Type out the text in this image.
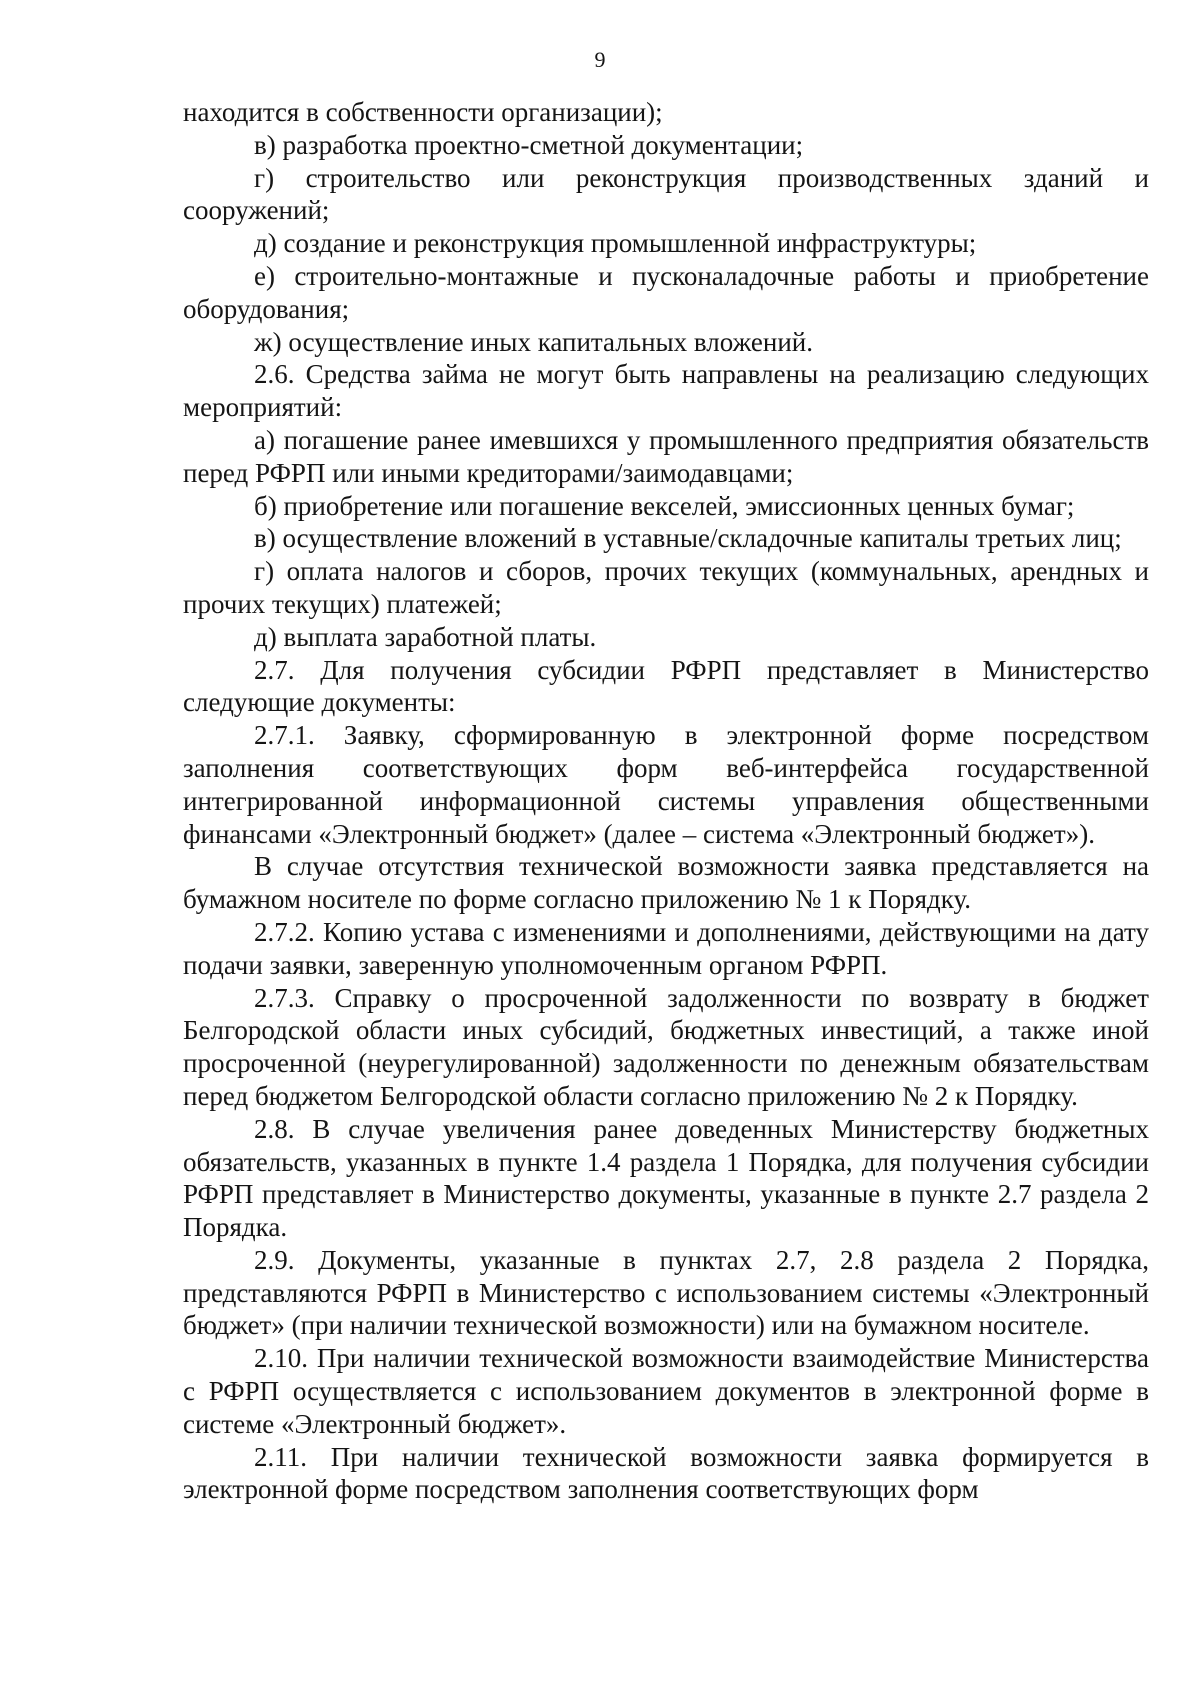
9

находится в собственности организации);

в) разработка проектно-сметной документации;

г) строительство или реконструкция производственных зданий и сооружений;

д) создание и реконструкция промышленной инфраструктуры;

е) строительно-монтажные и пусконаладочные работы и приобретение оборудования;

ж) осуществление иных капитальных вложений.

2.6. Средства займа не могут быть направлены на реализацию следующих мероприятий:

а) погашение ранее имевшихся у промышленного предприятия обязательств перед РФРП или иными кредиторами/заимодавцами;

б) приобретение или погашение векселей, эмиссионных ценных бумаг;

в) осуществление вложений в уставные/складочные капиталы третьих лиц;

г) оплата налогов и сборов, прочих текущих (коммунальных, арендных и прочих текущих) платежей;

д) выплата заработной платы.

2.7. Для получения субсидии РФРП представляет в Министерство следующие документы:

2.7.1. Заявку, сформированную в электронной форме посредством заполнения соответствующих форм веб-интерфейса государственной интегрированной информационной системы управления общественными финансами «Электронный бюджет» (далее – система «Электронный бюджет»).

В случае отсутствия технической возможности заявка представляется на бумажном носителе по форме согласно приложению № 1 к Порядку.

2.7.2. Копию устава с изменениями и дополнениями, действующими на дату подачи заявки, заверенную уполномоченным органом РФРП.

2.7.3. Справку о просроченной задолженности по возврату в бюджет Белгородской области иных субсидий, бюджетных инвестиций, а также иной просроченной (неурегулированной) задолженности по денежным обязательствам перед бюджетом Белгородской области согласно приложению № 2 к Порядку.

2.8. В случае увеличения ранее доведенных Министерству бюджетных обязательств, указанных в пункте 1.4 раздела 1 Порядка, для получения субсидии РФРП представляет в Министерство документы, указанные в пункте 2.7 раздела 2 Порядка.

2.9. Документы, указанные в пунктах 2.7, 2.8 раздела 2 Порядка, представляются РФРП в Министерство с использованием системы «Электронный бюджет» (при наличии технической возможности) или на бумажном носителе.

2.10. При наличии технической возможности взаимодействие Министерства с РФРП осуществляется с использованием документов в электронной форме в системе «Электронный бюджет».

2.11. При наличии технической возможности заявка формируется в электронной форме посредством заполнения соответствующих форм
